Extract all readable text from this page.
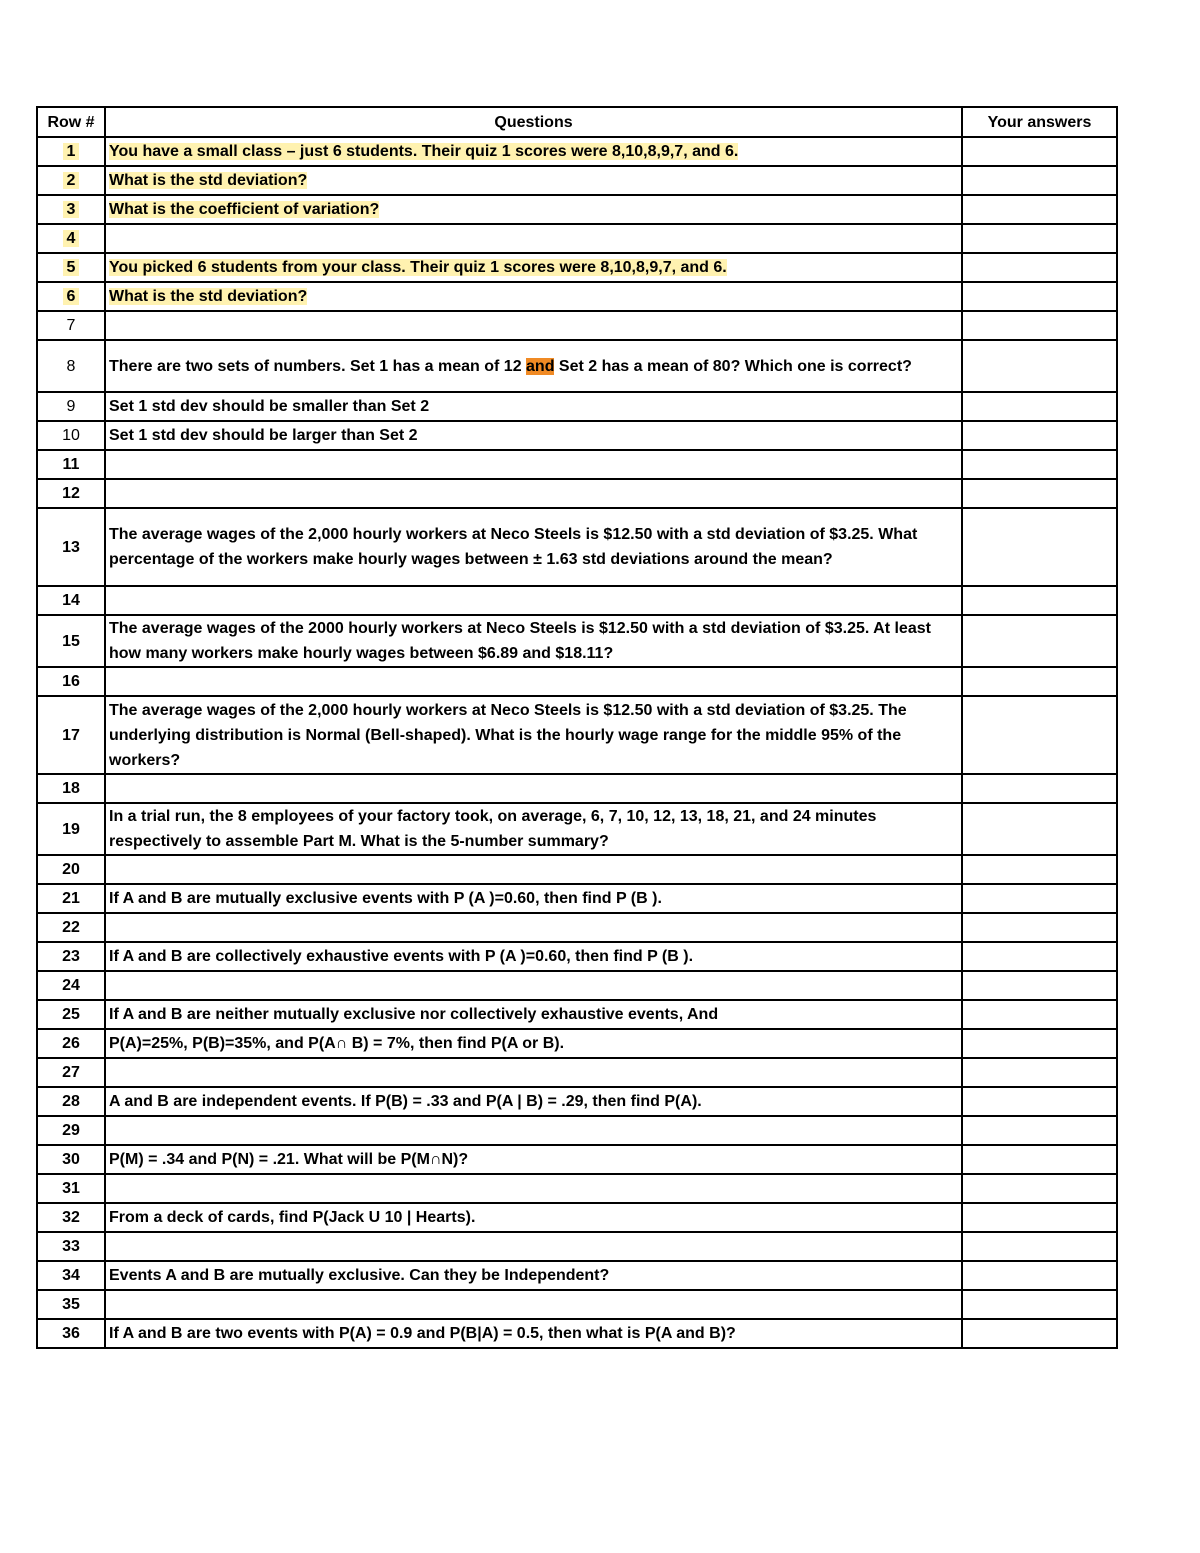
Row #	Questions	Your answers
1	You have a small class – just 6 students. Their quiz 1 scores were 8,10,8,9,7, and 6.	
2	What is the std deviation?	
3	What is the coefficient of variation?	
4		
5	You picked 6 students from your class. Their quiz 1 scores were 8,10,8,9,7, and 6.	
6	What is the std deviation?	
7		
8	There are two sets of numbers. Set 1 has a mean of 12 and Set 2 has a mean of 80? Which one is correct?	
9	Set 1 std dev should be smaller than Set 2	
10	Set 1 std dev should be larger than Set 2	
11		
12		
13	The average wages of the 2,000 hourly workers at Neco Steels is $12.50 with a std deviation of $3.25. What percentage of the workers make hourly wages between ± 1.63 std deviations around the mean?	
14		
15	The average wages of the 2000 hourly workers at Neco Steels is $12.50 with a std deviation of $3.25. At least how many workers make hourly wages between $6.89 and $18.11?	
16		
17	The average wages of the 2,000 hourly workers at Neco Steels is $12.50 with a std deviation of $3.25. The underlying distribution is Normal (Bell-shaped). What is the hourly wage range for the middle 95% of the workers?	
18		
19	In a trial run, the 8 employees of your factory took, on average, 6, 7, 10, 12, 13, 18, 21, and 24 minutes respectively to assemble Part M. What is the 5-number summary?	
20		
21	If A and B are mutually exclusive events with P (A )=0.60, then find P (B ).	
22		
23	If A and B are collectively exhaustive events with P (A )=0.60, then find P (B ).	
24		
25	If A and B are neither mutually exclusive nor collectively exhaustive events, And	
26	P(A)=25%, P(B)=35%, and P(A∩ B) = 7%, then find P(A or B).	
27		
28	A and B are independent events. If P(B) = .33 and P(A | B) = .29, then find P(A).	
29		
30	P(M) = .34 and P(N) = .21. What will be P(M∩N)?	
31		
32	From a deck of cards, find P(Jack U 10 | Hearts).	
33		
34	Events A and B are mutually exclusive. Can they be Independent?	
35		
36	If A and B are two events with P(A) = 0.9 and P(B|A) = 0.5, then what is P(A and B)?	
